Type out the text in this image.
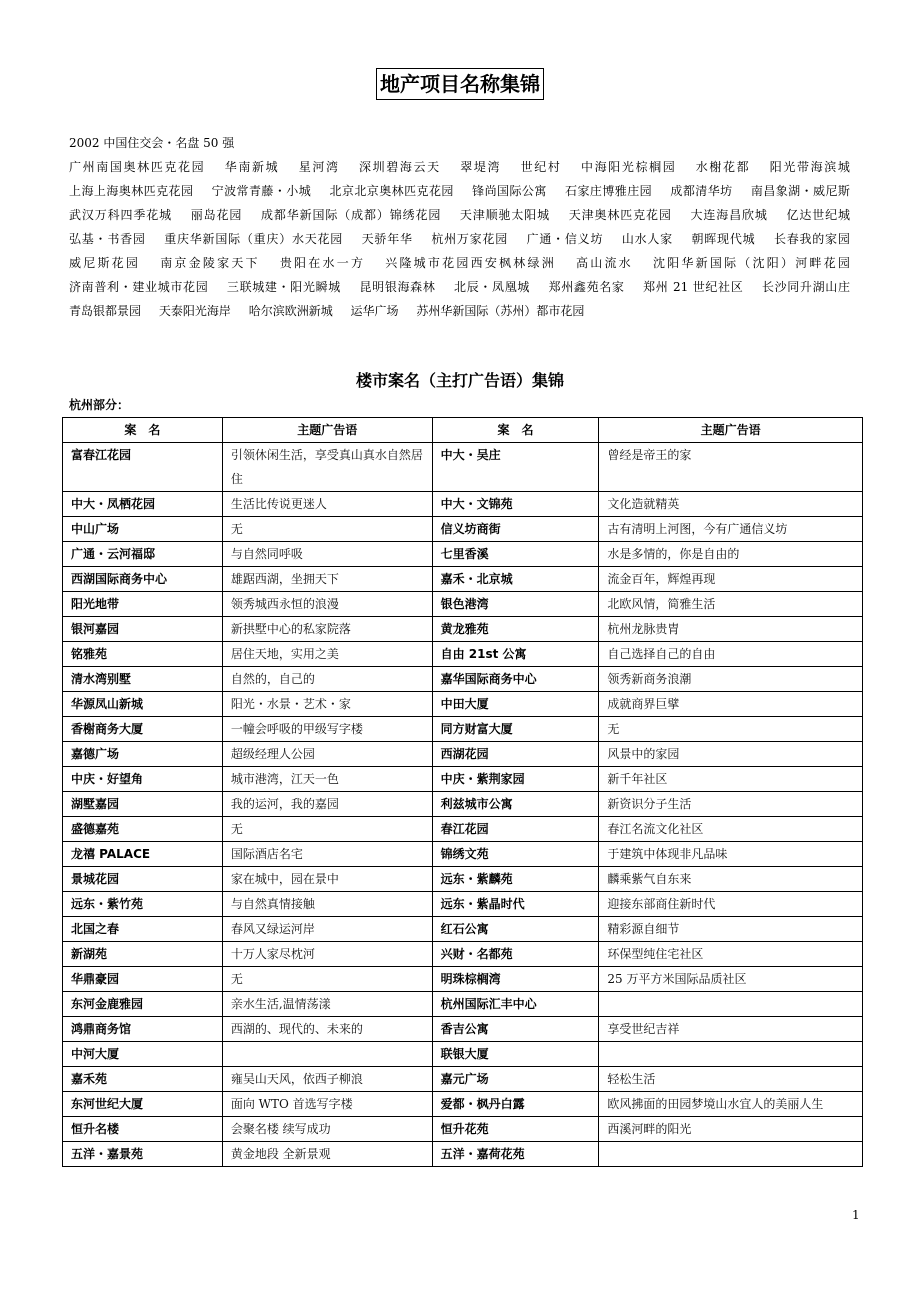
地产项目名称集锦
2002 中国住交会・名盘 50 强
广州南国奥林匹克花园 华南新城 星河湾 深圳碧海云天 翠堤湾 世纪村 中海阳光棕榈园 水榭花都 阳光带海滨城 上海上海奥林匹克花园 宁波常青藤・小城 北京北京奥林匹克花园 锋尚国际公寓 石家庄博雅庄园 成都清华坊 南昌象湖・威尼斯 武汉万科四季花城 丽岛花园 成都华新国际（成都）锦绣花园 天津顺驰太阳城 天津奥林匹克花园 大连海昌欣城 亿达世纪城 弘基・书香园 重庆华新国际（重庆）水天花园 天骄年华 杭州万家花园 广通・信义坊 山水人家 朝晖现代城 长春我的家园 威尼斯花园 南京金陵家天下 贵阳在水一方 兴隆城市花园西安枫林绿洲 高山流水 沈阳华新国际（沈阳）河畔花园 济南普利・建业城市花园 三联城建・阳光瞬城 昆明银海森林 北辰・凤凰城 郑州鑫苑名家 郑州 21 世纪社区 长沙同升湖山庄 青岛银都景园 天泰阳光海岸 哈尔滨欧洲新城 运华广场 苏州华新国际（苏州）都市花园
楼市案名（主打广告语）集锦
杭州部分：
案　名	主题广告语	案　名	主题广告语
富春江花园	引领休闲生活，享受真山真水自然居住	中大・吴庄	曾经是帝王的家
中大・凤栖花园	生活比传说更迷人	中大・文锦苑	文化造就精英
中山广场	无	信义坊商街	古有清明上河图，今有广通信义坊
广通・云河福邸	与自然同呼吸	七里香溪	水是多情的，你是自由的
西湖国际商务中心	雄踞西湖，坐拥天下	嘉禾・北京城	流金百年，辉煌再现
阳光地带	领秀城西永恒的浪漫	银色港湾	北欧风情，简雅生活
银河嘉园	新拱墅中心的私家院落	黄龙雅苑	杭州龙脉贵胄
铭雅苑	居住天地，实用之美	自由 21st 公寓	自己选择自己的自由
清水湾别墅	自然的，自己的	嘉华国际商务中心	领秀新商务浪潮
华源凤山新城	阳光・水景・艺术・家	中田大厦	成就商界巨擘
香榭商务大厦	一幢会呼吸的甲级写字楼	同方财富大厦	无
嘉德广场	超级经理人公园	西湖花园	风景中的家园
中庆・好望角	城市港湾，江天一色	中庆・紫荆家园	新千年社区
湖墅嘉园	我的运河，我的嘉园	利兹城市公寓	新资识分子生活
盛德嘉苑	无	春江花园	春江名流文化社区
龙禧 PALACE	国际酒店名宅	锦绣文苑	于建筑中体现非凡品味
景城花园	家在城中，园在景中	远东・紫麟苑	麟乘紫气自东来
远东・紫竹苑	与自然真情接触	远东・紫晶时代	迎接东部商住新时代
北国之春	春风又绿运河岸	红石公寓	精彩源自细节
新湖苑	十万人家尽枕河	兴财・名都苑	环保型纯住宅社区
华鼎豪园	无	明珠棕榈湾	25 万平方米国际品质社区
东河金鹿雅园	亲水生活,温情荡漾	杭州国际汇丰中心	
鸿鼎商务馆	西湖的、现代的、未来的	香吉公寓	享受世纪吉祥
中河大厦		联银大厦	
嘉禾苑	雍吴山天风，依西子柳浪	嘉元广场	轻松生活
东河世纪大厦	面向 WTO 首选写字楼	爱都・枫丹白露	欧风拂面的田园梦境山水宜人的美丽人生
恒升名楼	会聚名楼 续写成功	恒升花苑	西溪河畔的阳光
五洋・嘉景苑	黄金地段 全新景观	五洋・嘉荷花苑	
1
